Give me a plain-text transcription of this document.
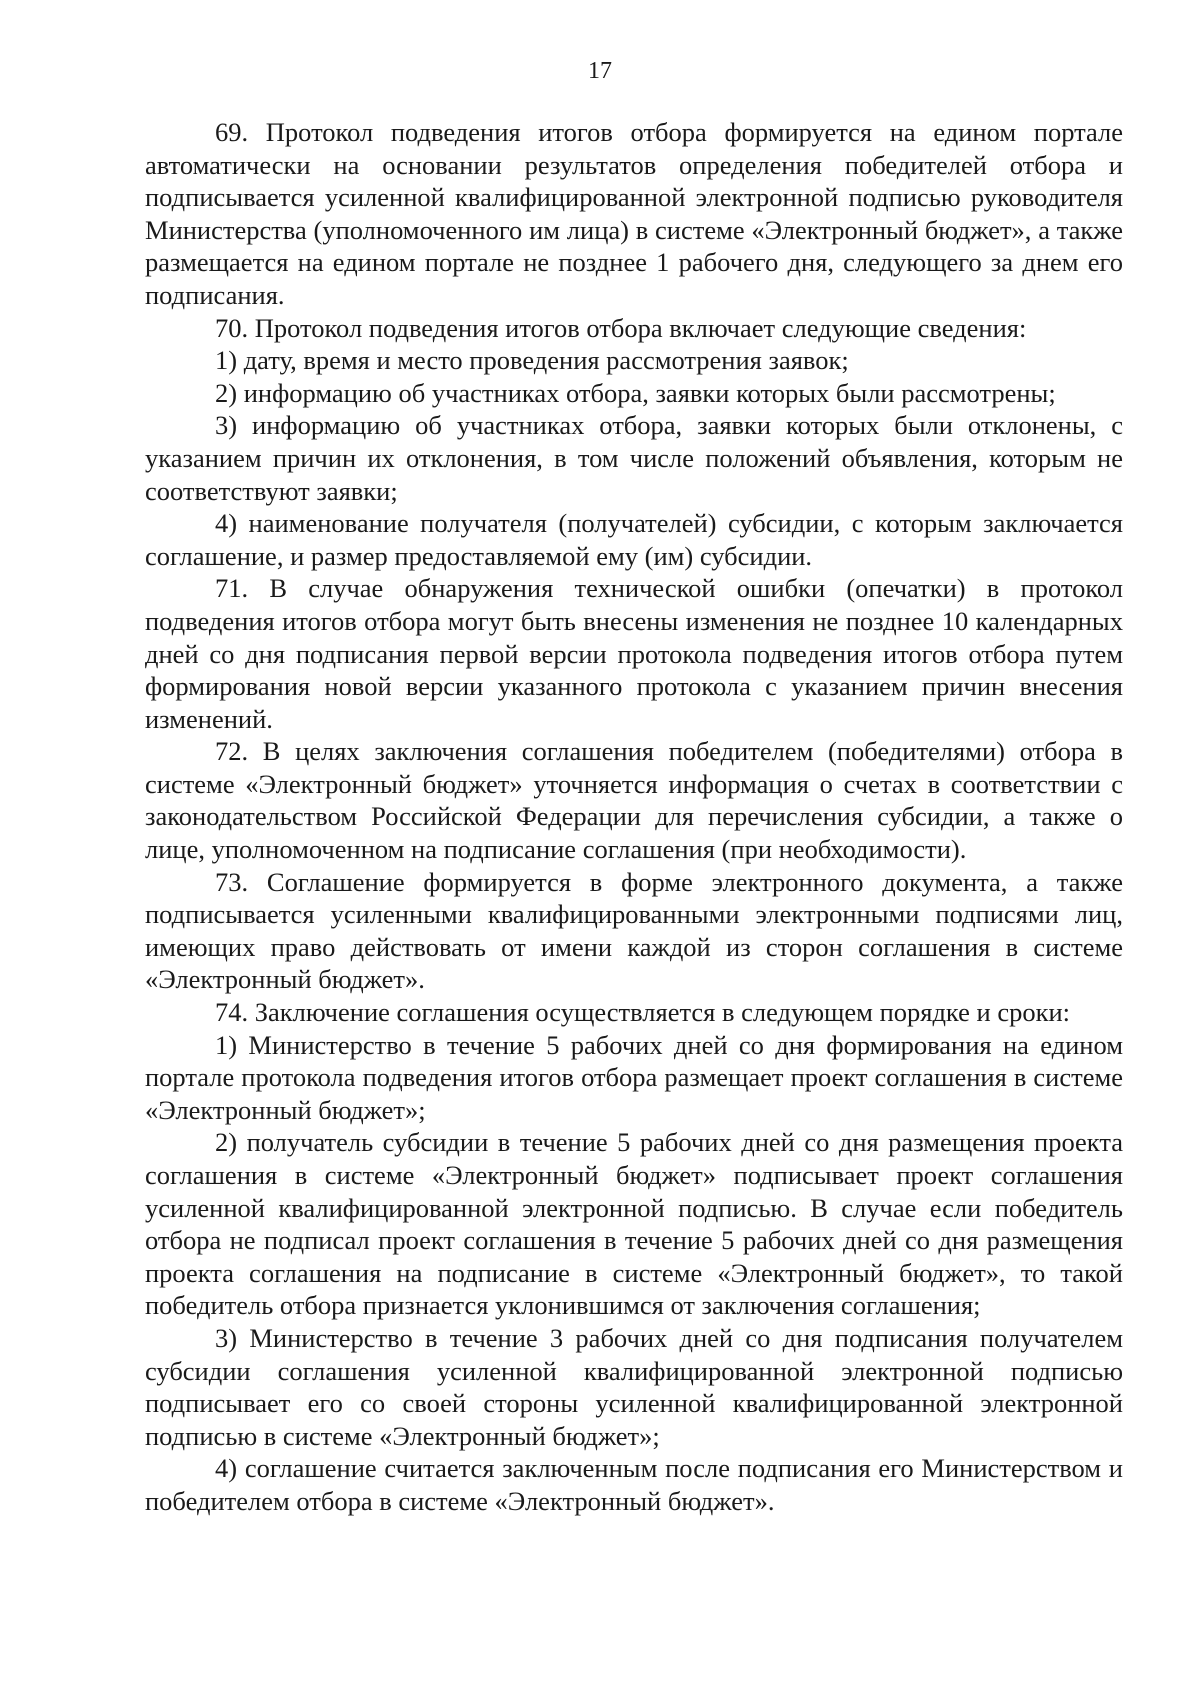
17

69. Протокол подведения итогов отбора формируется на едином портале автоматически на основании результатов определения победителей отбора и подписывается усиленной квалифицированной электронной подписью руководителя Министерства (уполномоченного им лица) в системе «Электронный бюджет», а также размещается на едином портале не позднее 1 рабочего дня, следующего за днем его подписания.

70. Протокол подведения итогов отбора включает следующие сведения:

1) дату, время и место проведения рассмотрения заявок;

2) информацию об участниках отбора, заявки которых были рассмотрены;

3) информацию об участниках отбора, заявки которых были отклонены, с указанием причин их отклонения, в том числе положений объявления, которым не соответствуют заявки;

4) наименование получателя (получателей) субсидии, с которым заключается соглашение, и размер предоставляемой ему (им) субсидии.

71. В случае обнаружения технической ошибки (опечатки) в протокол подведения итогов отбора могут быть внесены изменения не позднее 10 календарных дней со дня подписания первой версии протокола подведения итогов отбора путем формирования новой версии указанного протокола с указанием причин внесения изменений.

72. В целях заключения соглашения победителем (победителями) отбора в системе «Электронный бюджет» уточняется информация о счетах в соответствии с законодательством Российской Федерации для перечисления субсидии, а также о лице, уполномоченном на подписание соглашения (при необходимости).

73. Соглашение формируется в форме электронного документа, а также подписывается усиленными квалифицированными электронными подписями лиц, имеющих право действовать от имени каждой из сторон соглашения в системе «Электронный бюджет».

74. Заключение соглашения осуществляется в следующем порядке и сроки:

1) Министерство в течение 5 рабочих дней со дня формирования на едином портале протокола подведения итогов отбора размещает проект соглашения в системе «Электронный бюджет»;

2) получатель субсидии в течение 5 рабочих дней со дня размещения проекта соглашения в системе «Электронный бюджет» подписывает проект соглашения усиленной квалифицированной электронной подписью. В случае если победитель отбора не подписал проект соглашения в течение 5 рабочих дней со дня размещения проекта соглашения на подписание в системе «Электронный бюджет», то такой победитель отбора признается уклонившимся от заключения соглашения;

3) Министерство в течение 3 рабочих дней со дня подписания получателем субсидии соглашения усиленной квалифицированной электронной подписью подписывает его со своей стороны усиленной квалифицированной электронной подписью в системе «Электронный бюджет»;

4) соглашение считается заключенным после подписания его Министерством и победителем отбора в системе «Электронный бюджет».
